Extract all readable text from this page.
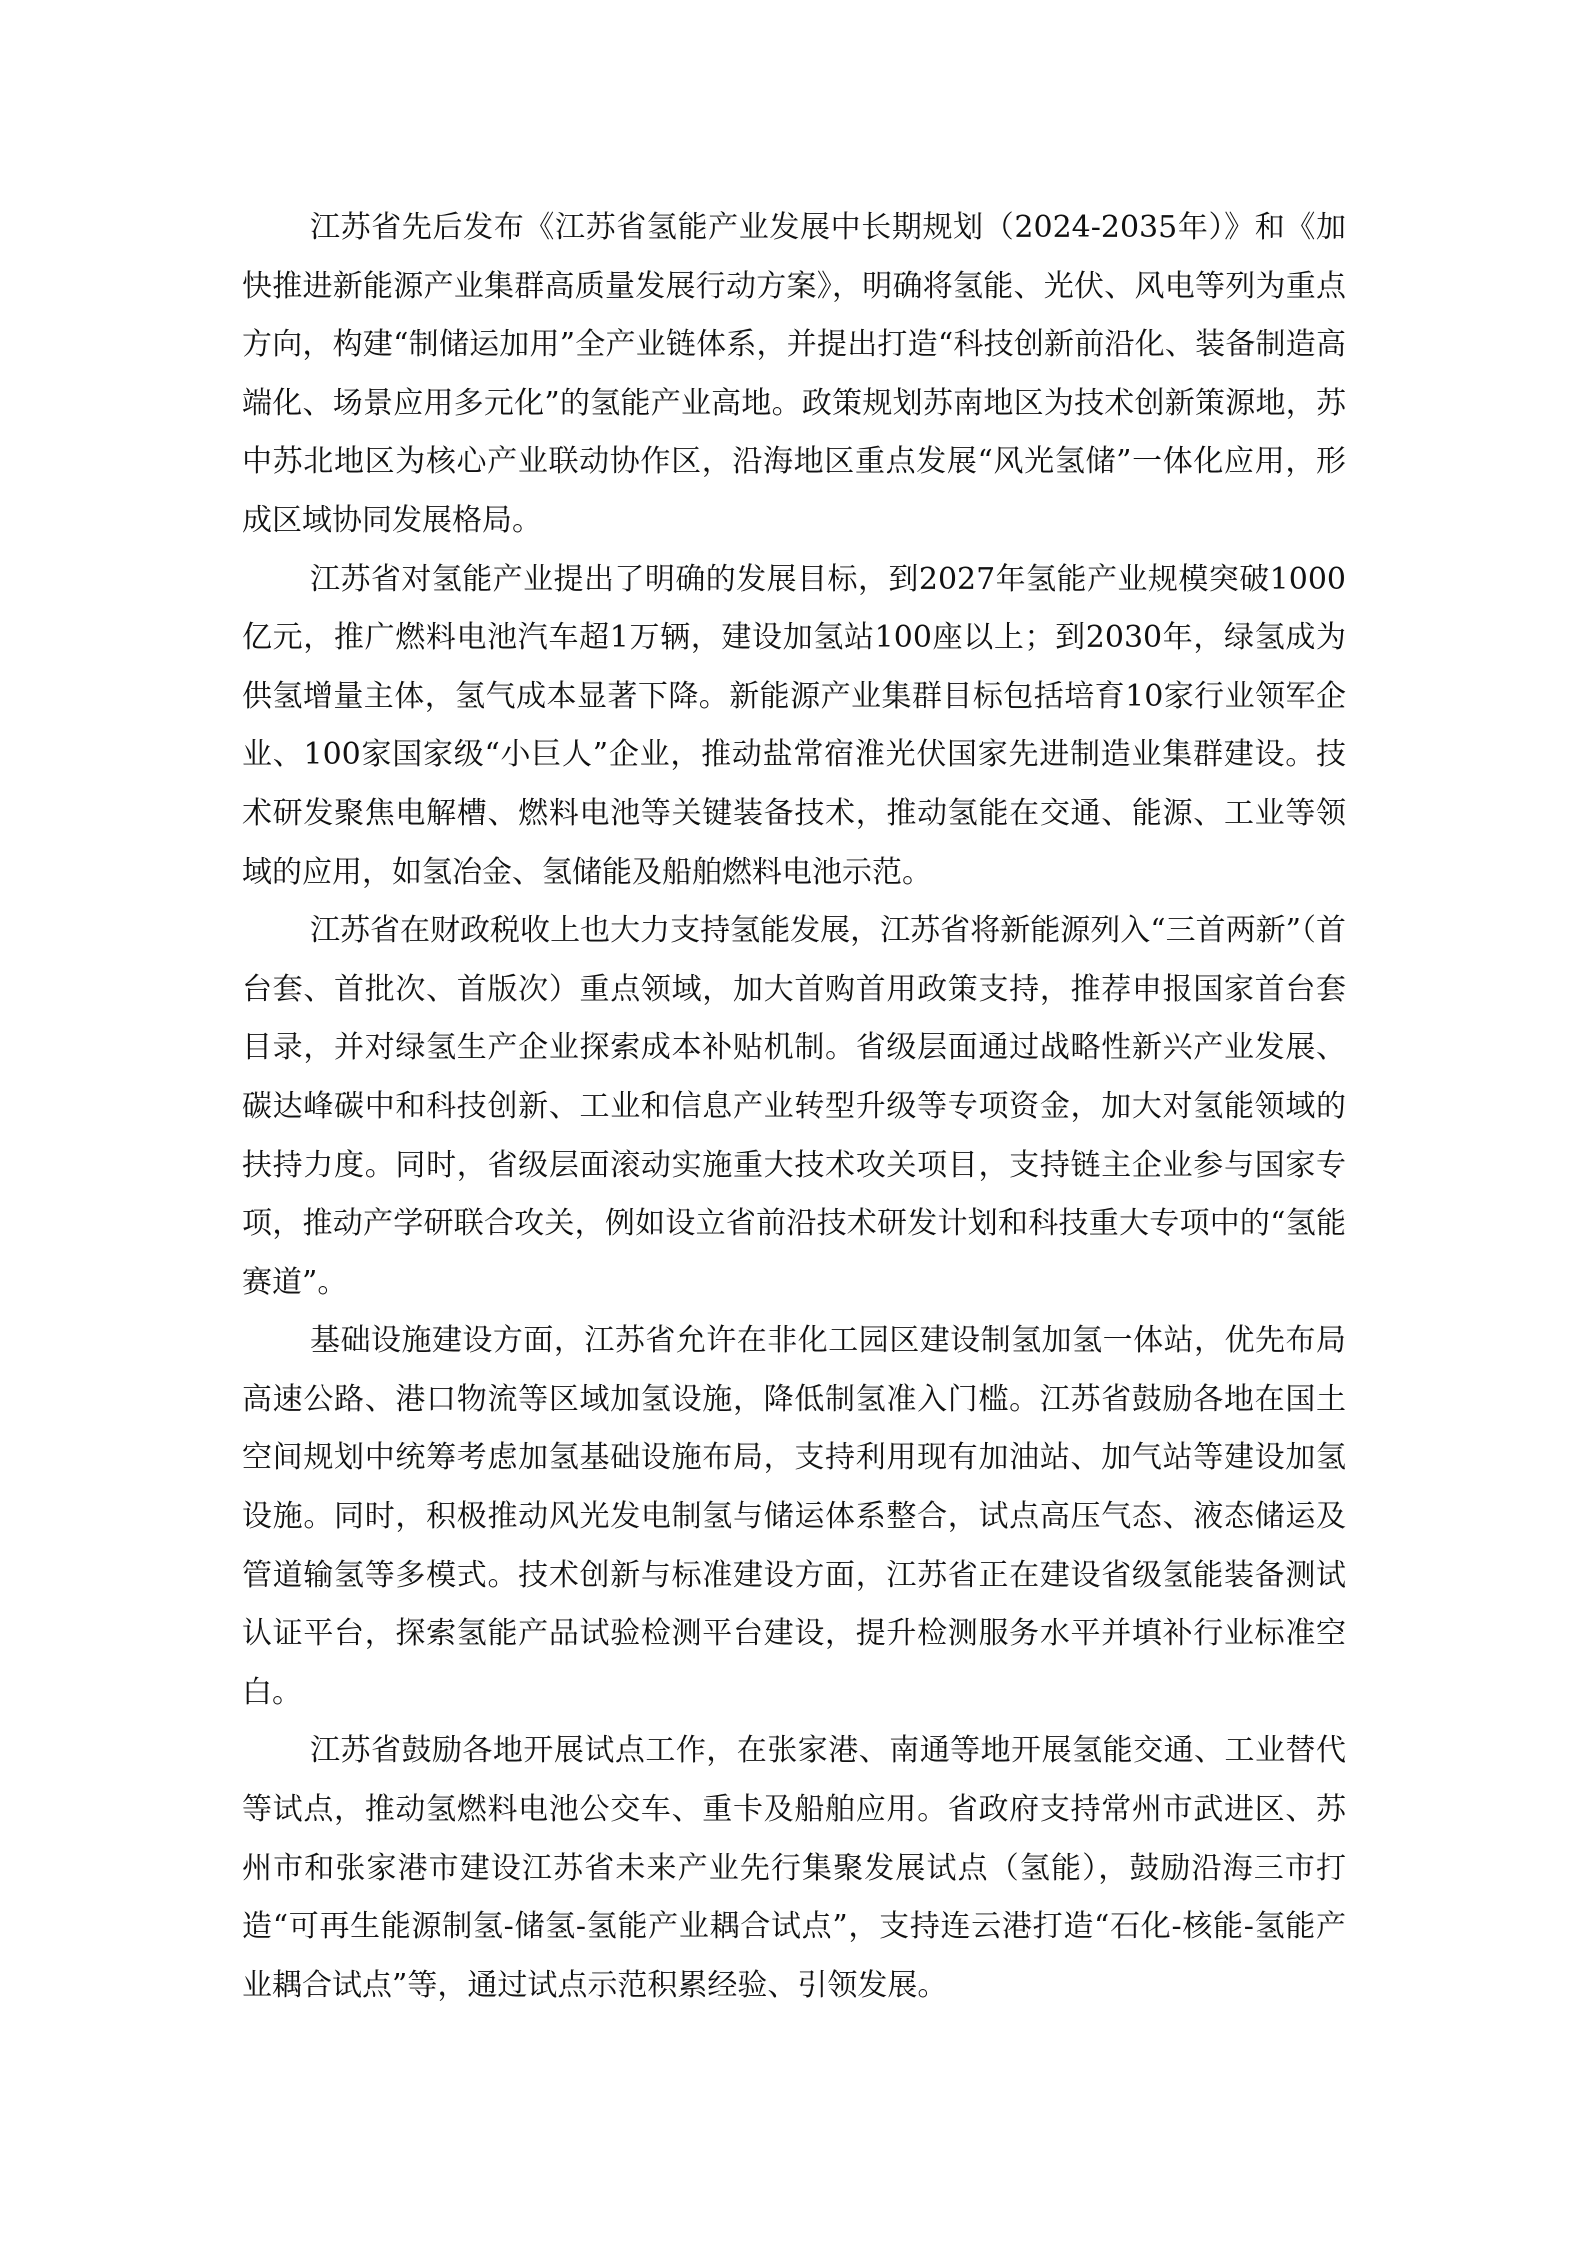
江苏省先后发布《江苏省氢能产业发展中长期规划（2024-2035年）》和《加快推进新能源产业集群高质量发展行动方案》，明确将氢能、光伏、风电等列为重点方向，构建“制储运加用”全产业链体系，并提出打造“科技创新前沿化、装备制造高端化、场景应用多元化”的氢能产业高地。政策规划苏南地区为技术创新策源地，苏中苏北地区为核心产业联动协作区，沿海地区重点发展“风光氢储”一体化应用，形成区域协同发展格局。

江苏省对氢能产业提出了明确的发展目标，到2027年氢能产业规模突破1000亿元，推广燃料电池汽车超1万辆，建设加氢站100座以上；到2030年，绿氢成为供氢增量主体，氢气成本显著下降。新能源产业集群目标包括培育10家行业领军企业、100家国家级“小巨人”企业，推动盐常宿淮光伏国家先进制造业集群建设。技术研发聚焦电解槽、燃料电池等关键装备技术，推动氢能在交通、能源、工业等领域的应用，如氢冶金、氢储能及船舶燃料电池示范。

江苏省在财政税收上也大力支持氢能发展，江苏省将新能源列入“三首两新”（首台套、首批次、首版次）重点领域，加大首购首用政策支持，推荐申报国家首台套目录，并对绿氢生产企业探索成本补贴机制。省级层面通过战略性新兴产业发展、碳达峰碳中和科技创新、工业和信息产业转型升级等专项资金，加大对氢能领域的扶持力度。同时，省级层面滚动实施重大技术攻关项目，支持链主企业参与国家专项，推动产学研联合攻关，例如设立省前沿技术研发计划和科技重大专项中的“氢能赛道”。

基础设施建设方面，江苏省允许在非化工园区建设制氢加氢一体站，优先布局高速公路、港口物流等区域加氢设施，降低制氢准入门槛。江苏省鼓励各地在国土空间规划中统筹考虑加氢基础设施布局，支持利用现有加油站、加气站等建设加氢设施。同时，积极推动风光发电制氢与储运体系整合，试点高压气态、液态储运及管道输氢等多模式。技术创新与标准建设方面，江苏省正在建设省级氢能装备测试认证平台，探索氢能产品试验检测平台建设，提升检测服务水平并填补行业标准空白。

江苏省鼓励各地开展试点工作，在张家港、南通等地开展氢能交通、工业替代等试点，推动氢燃料电池公交车、重卡及船舶应用。省政府支持常州市武进区、苏州市和张家港市建设江苏省未来产业先行集聚发展试点（氢能），鼓励沿海三市打造“可再生能源制氢-储氢-氢能产业耦合试点”，支持连云港打造“石化-核能-氢能产业耦合试点”等，通过试点示范积累经验、引领发展。
